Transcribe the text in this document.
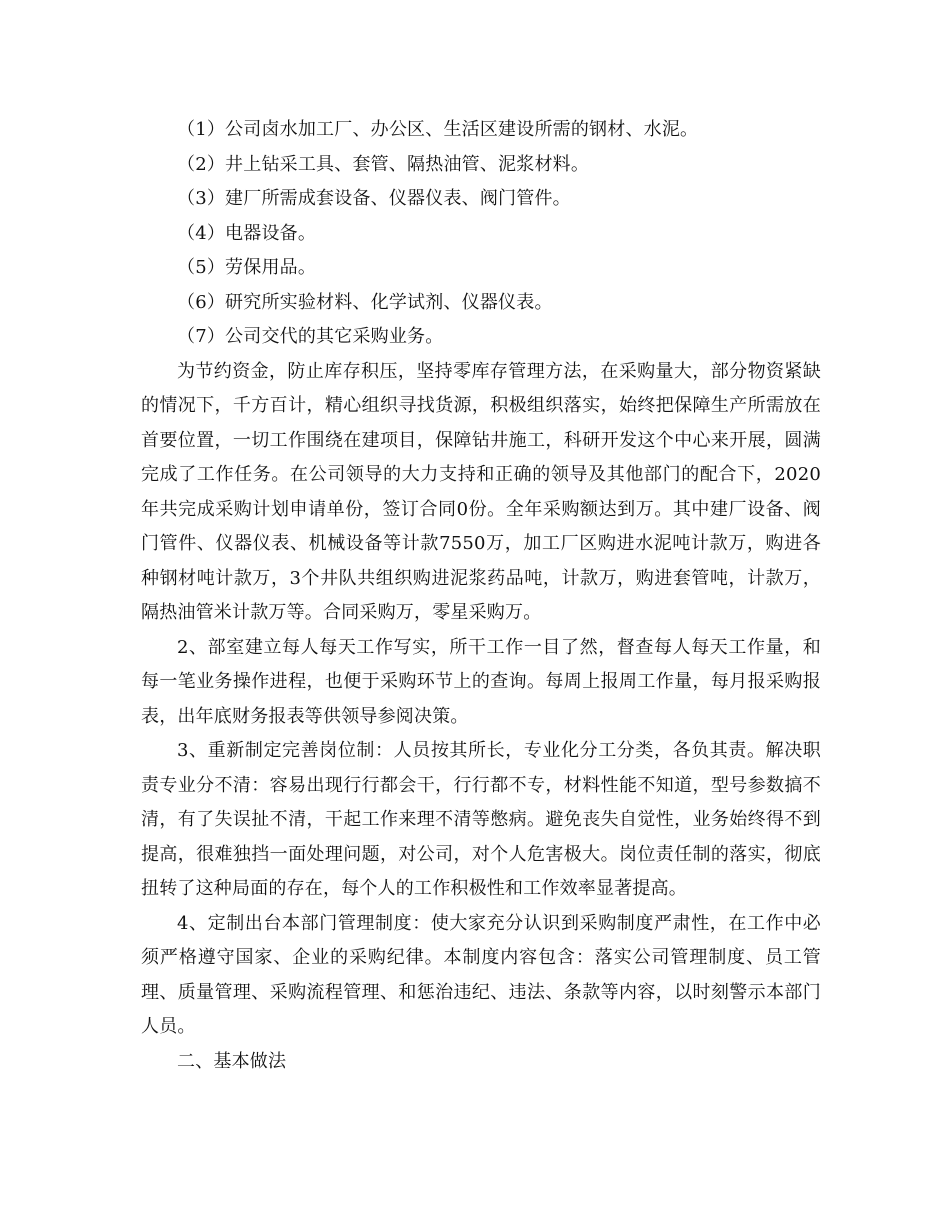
（1）公司卤水加工厂、办公区、生活区建设所需的钢材、水泥。

（2）井上钻采工具、套管、隔热油管、泥浆材料。

（3）建厂所需成套设备、仪器仪表、阀门管件。

（4）电器设备。

（5）劳保用品。

（6）研究所实验材料、化学试剂、仪器仪表。

（7）公司交代的其它采购业务。

为节约资金，防止库存积压，坚持零库存管理方法，在采购量大，部分物资紧缺的情况下，千方百计，精心组织寻找货源，积极组织落实，始终把保障生产所需放在首要位置，一切工作围绕在建项目，保障钻井施工，科研开发这个中心来开展，圆满完成了工作任务。在公司领导的大力支持和正确的领导及其他部门的配合下，2020年共完成采购计划申请单份，签订合同0份。全年采购额达到万。其中建厂设备、阀门管件、仪器仪表、机械设备等计款7550万，加工厂区购进水泥吨计款万，购进各种钢材吨计款万，3个井队共组织购进泥浆药品吨，计款万，购进套管吨，计款万，隔热油管米计款万等。合同采购万，零星采购万。

2、部室建立每人每天工作写实，所干工作一目了然，督查每人每天工作量，和每一笔业务操作进程，也便于采购环节上的查询。每周上报周工作量，每月报采购报表，出年底财务报表等供领导参阅决策。

3、重新制定完善岗位制：人员按其所长，专业化分工分类，各负其责。解决职责专业分不清：容易出现行行都会干，行行都不专，材料性能不知道，型号参数搞不清，有了失误扯不清，干起工作来理不清等憋病。避免丧失自觉性，业务始终得不到提高，很难独挡一面处理问题，对公司，对个人危害极大。岗位责任制的落实，彻底扭转了这种局面的存在，每个人的工作积极性和工作效率显著提高。

4、定制出台本部门管理制度：使大家充分认识到采购制度严肃性，在工作中必须严格遵守国家、企业的采购纪律。本制度内容包含：落实公司管理制度、员工管理、质量管理、采购流程管理、和惩治违纪、违法、条款等内容，以时刻警示本部门人员。

二、基本做法
